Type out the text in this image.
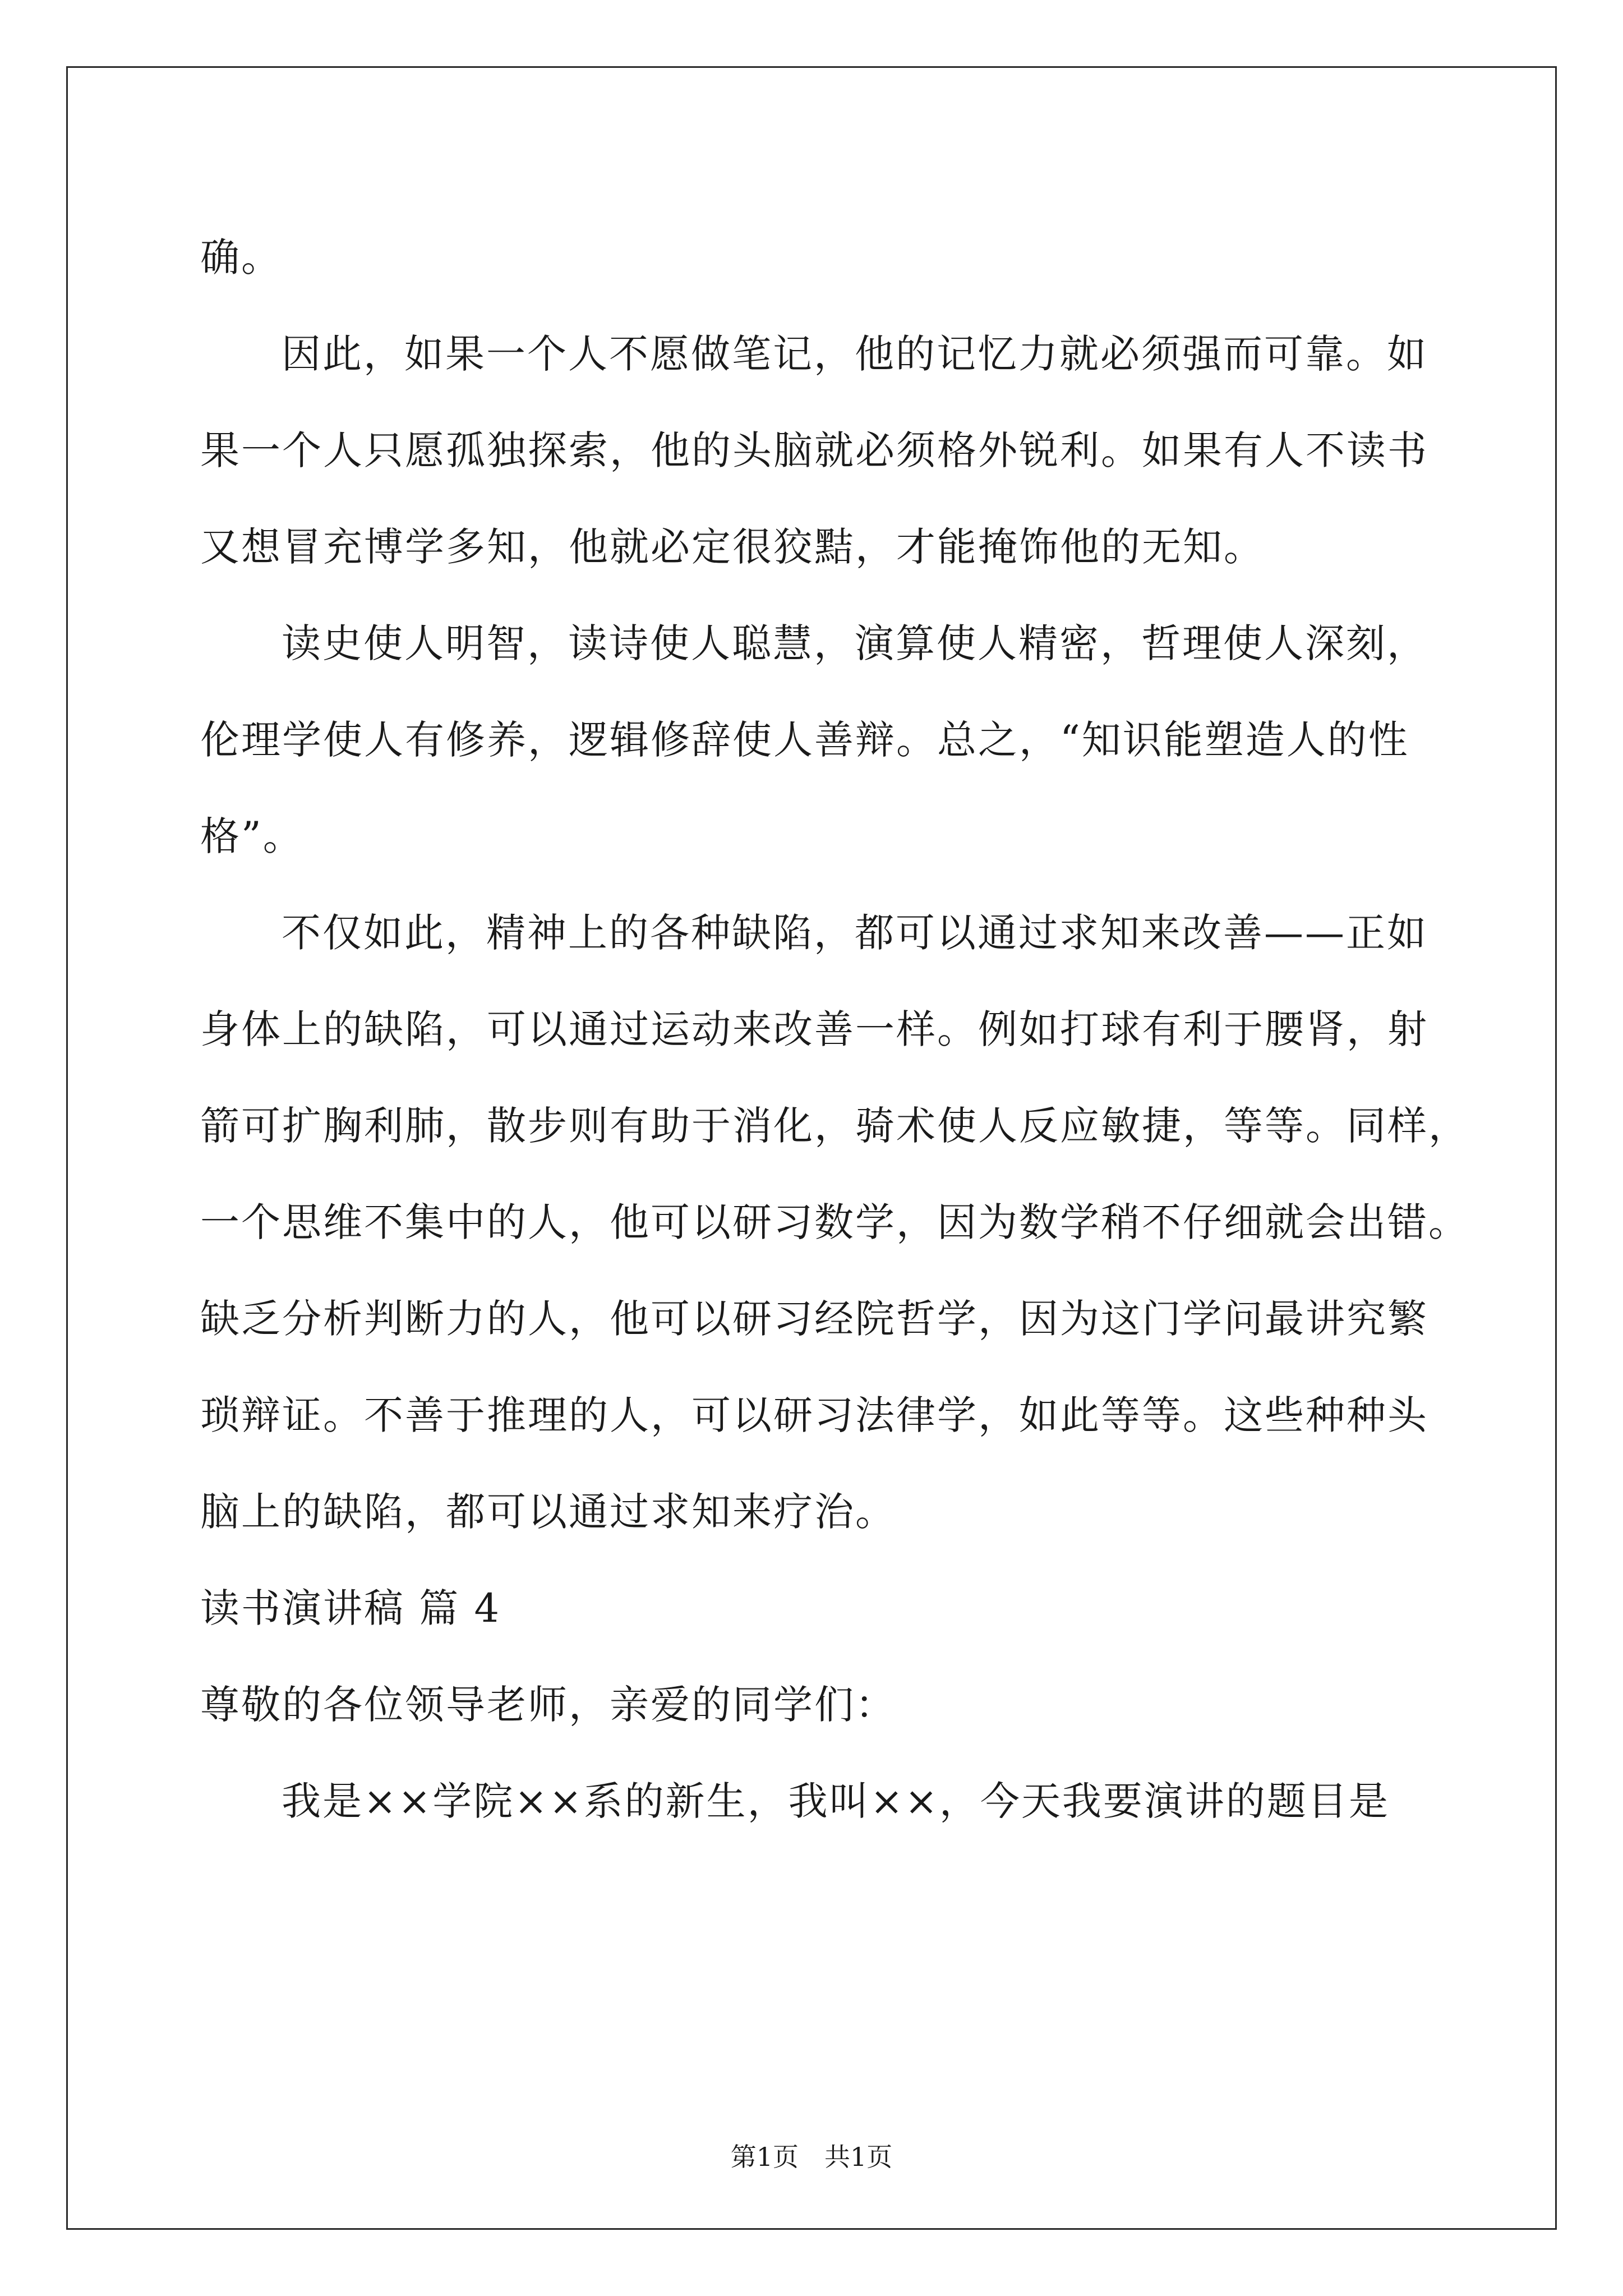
确。
因此，如果一个人不愿做笔记，他的记忆力就必须强而可靠。如
果一个人只愿孤独探索，他的头脑就必须格外锐利。如果有人不读书
又想冒充博学多知，他就必定很狡黠，才能掩饰他的无知。
读史使人明智，读诗使人聪慧，演算使人精密，哲理使人深刻，
伦理学使人有修养，逻辑修辞使人善辩。总之，“知识能塑造人的性
格”。
不仅如此，精神上的各种缺陷，都可以通过求知来改善——正如
身体上的缺陷，可以通过运动来改善一样。例如打球有利于腰肾，射
箭可扩胸利肺，散步则有助于消化，骑术使人反应敏捷，等等。同样，
一个思维不集中的人，他可以研习数学，因为数学稍不仔细就会出错。
缺乏分析判断力的人，他可以研习经院哲学，因为这门学问最讲究繁
琐辩证。不善于推理的人，可以研习法律学，如此等等。这些种种头
脑上的缺陷，都可以通过求知来疗治。
读书演讲稿 篇 4
尊敬的各位领导老师，亲爱的同学们：
我是××学院××系的新生，我叫××，今天我要演讲的题目是
第1页　共1页
